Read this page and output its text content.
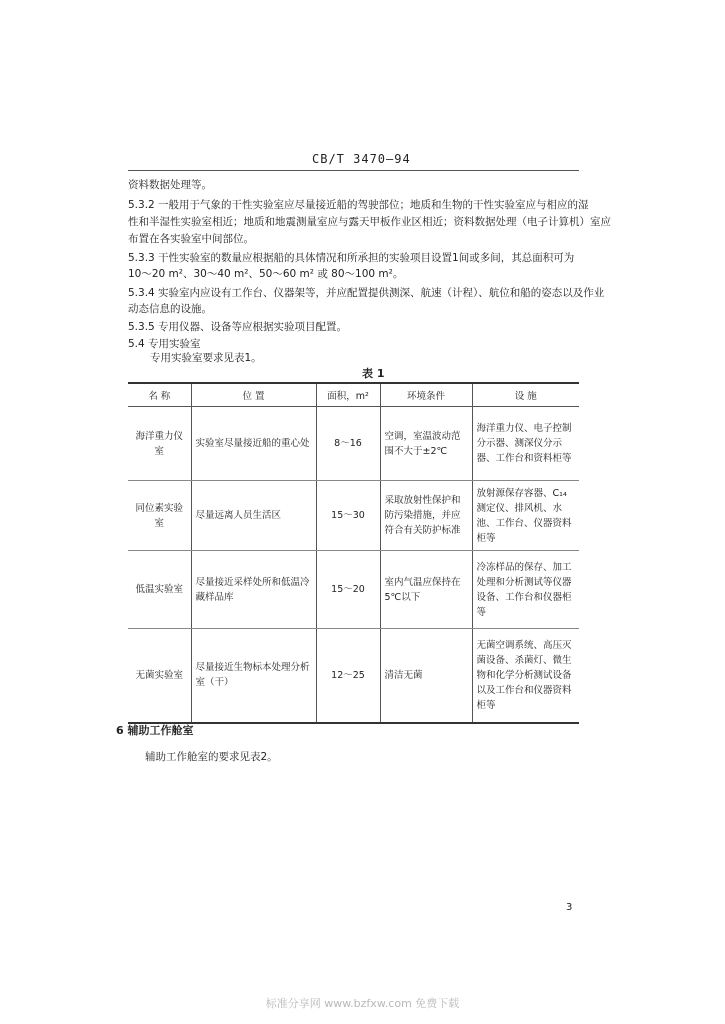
CB/T 3470—94
资料数据处理等。
5.3.2 一般用于气象的干性实验室应尽量接近船的驾驶部位；地质和生物的干性实验室应与相应的湿
性和半湿性实验室相近；地质和地震测量室应与露天甲板作业区相近；资料数据处理（电子计算机）室应
布置在各实验室中间部位。
5.3.3 干性实验室的数量应根据船的具体情况和所承担的实验项目设置1间或多间，其总面积可为
10～20 m²、30～40 m²、50～60 m² 或 80～100 m²。
5.3.4 实验室内应设有工作台、仪器架等，并应配置提供测深、航速（计程）、航位和船的姿态以及作业
动态信息的设施。
5.3.5 专用仪器、设备等应根据实验项目配置。
5.4 专用实验室
专用实验室要求见表1。
表 1
名 称	位 置	面积，m²	环境条件	设 施
海洋重力仪室	实验室尽量接近船的重心处	8～16	空调，室温波动范围不大于±2℃	海洋重力仪、电子控制分示器、测深仪分示器、工作台和资料柜等
同位素实验室	尽量远离人员生活区	15～30	采取放射性保护和防污染措施，并应符合有关防护标准	放射源保存容器、C₁₄测定仪、排风机、水池、工作台、仪器资料柜等
低温实验室	尽量接近采样处所和低温冷藏样品库	15～20	室内气温应保持在5℃以下	冷冻样品的保存、加工处理和分析测试等仪器设备、工作台和仪器柜等
无菌实验室	尽量接近生物标本处理分析室（干）	12～25	清洁无菌	无菌空调系统、高压灭菌设备、杀菌灯、微生物和化学分析测试设备以及工作台和仪器资料柜等
6 辅助工作舱室
辅助工作舱室的要求见表2。
3
标准分享网 www.bzfxw.com 免费下载
